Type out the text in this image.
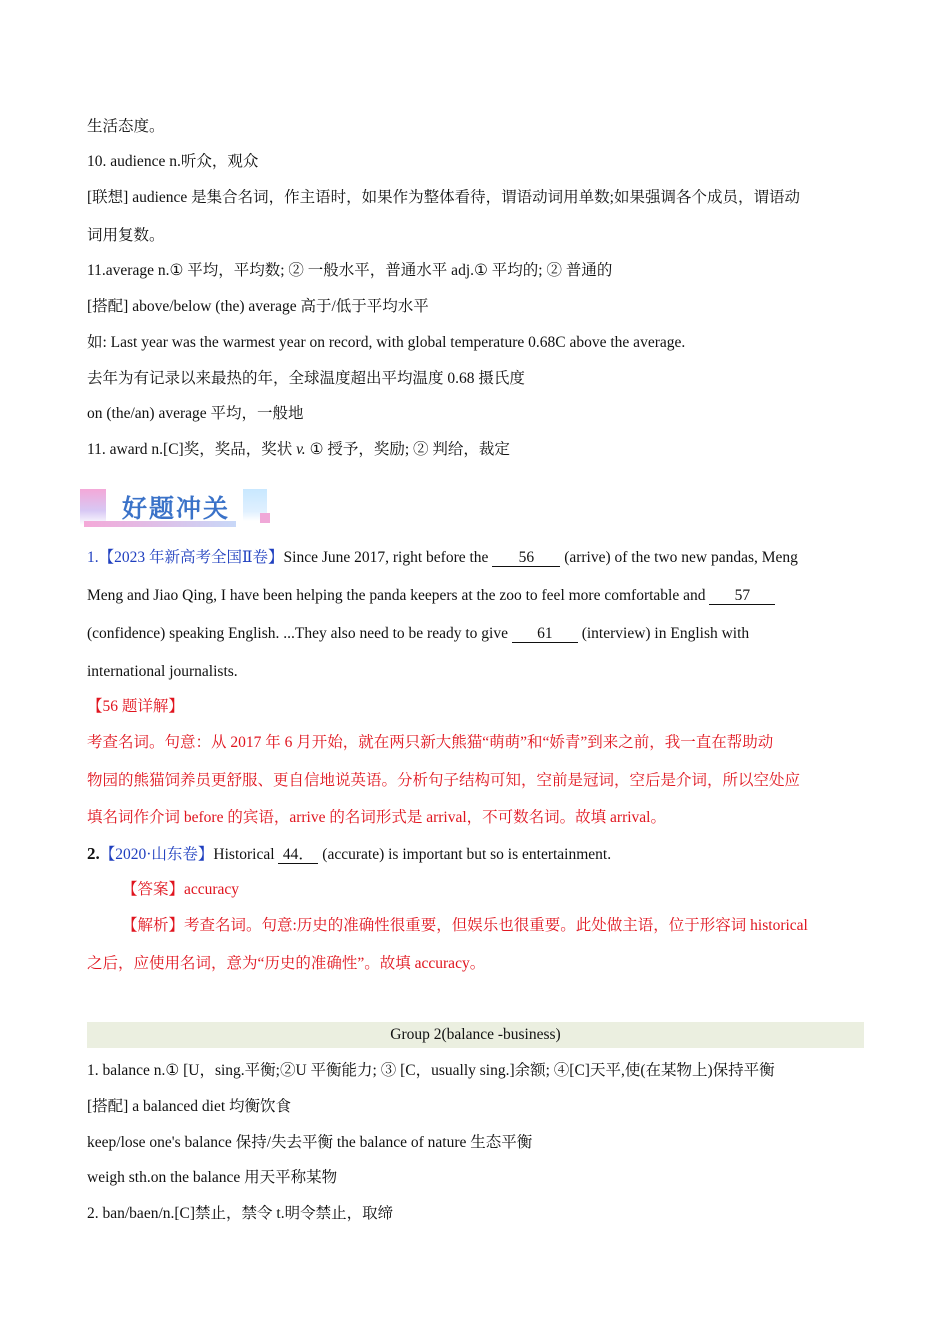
生活态度。
10. audience n.听众，观众
[联想] audience 是集合名词，作主语时，如果作为整体看待，谓语动词用单数;如果强调各个成员，谓语动
词用复数。
11.average n.① 平均，平均数; ② 一般水平，普通水平 adj.① 平均的; ② 普通的
[搭配] above/below (the) average 高于/低于平均水平
如: Last year was the warmest year on record, with global temperature 0.68C above the average.
去年为有记录以来最热的年，全球温度超出平均温度 0.68 摄氏度
on (the/an) average 平均，一般地
11. award n.[C]奖，奖品，奖状 v. ① 授予，奖励; ② 判给，裁定
好题冲关
1.【2023 年新高考全国Ⅱ卷】Since June 2017, right before the 56 (arrive) of the two new pandas, Meng
Meng and Jiao Qing, I have been helping the panda keepers at the zoo to feel more comfortable and 57
(confidence) speaking English. ...They also need to be ready to give 61 (interview) in English with
international journalists.
【56 题详解】
考查名词。句意：从 2017 年 6 月开始，就在两只新大熊猫“萌萌”和“娇青”到来之前，我一直在帮助动
物园的熊猫饲养员更舒服、更自信地说英语。分析句子结构可知，空前是冠词，空后是介词，所以空处应
填名词作介词 before 的宾语，arrive 的名词形式是 arrival，不可数名词。故填 arrival。
2.【2020·山东卷】Historical 44． (accurate) is important but so is entertainment.
【答案】accuracy
【解析】考查名词。句意:历史的准确性很重要，但娱乐也很重要。此处做主语，位于形容词 historical
之后，应使用名词，意为“历史的准确性”。故填 accuracy。
Group 2(balance -business)
1. balance n.① [U，sing.平衡;②U 平衡能力; ③ [C，usually sing.]余额; ④[C]天平,使(在某物上)保持平衡
[搭配] a balanced diet 均衡饮食
keep/lose one's balance 保持/失去平衡 the balance of nature 生态平衡
weigh sth.on the balance 用天平称某物
2. ban/baen/n.[C]禁止，禁令 t.明令禁止，取缔
